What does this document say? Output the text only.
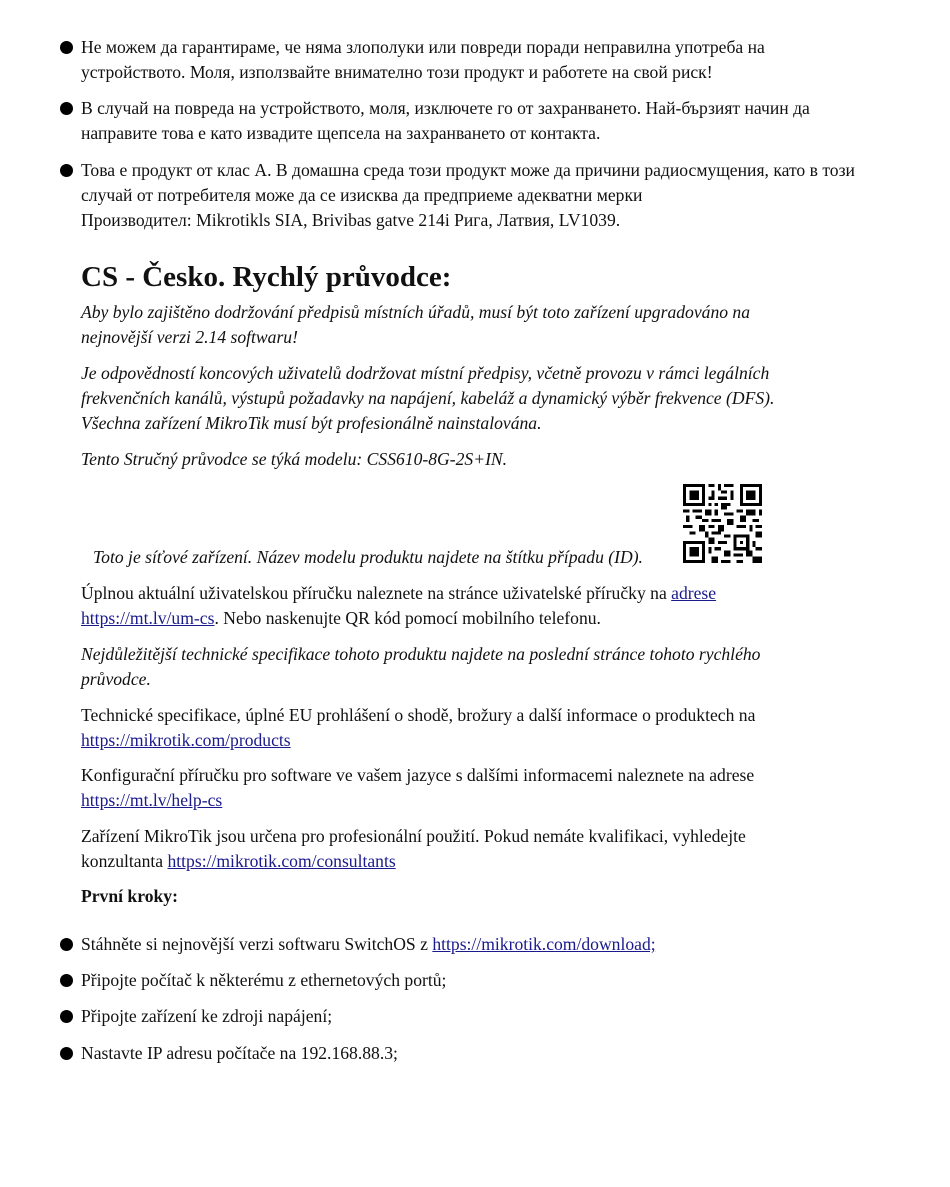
Не можем да гарантираме, че няма злополуки или повреди поради неправилна употреба на устройството. Моля, използвайте внимателно този продукт и работете на свой риск!
В случай на повреда на устройството, моля, изключете го от захранването. Най-бързият начин да направите това е като извадите щепсела на захранването от контакта.
Това е продукт от клас А. В домашна среда този продукт може да причини радиосмущения, като в този случай от потребителя може да се изисква да предприеме адекватни мерки
Производител: Mikrotikls SIA, Brivibas gatve 214i Рига, Латвия, LV1039.
CS - Česko. Rychlý průvodce:
Aby bylo zajištěno dodržování předpisů místních úřadů, musí být toto zařízení upgradováno na nejnovější verzi 2.14 softwaru!
Je odpovědností koncových uživatelů dodržovat místní předpisy, včetně provozu v rámci legálních frekvenčních kanálů, výstupů požadavky na napájení, kabeláž a dynamický výběr frekvence (DFS). Všechna zařízení MikroTik musí být profesionálně nainstalována.
Tento Stručný průvodce se týká modelu: CSS610-8G-2S+IN.
Toto je síťové zařízení. Název modelu produktu najdete na štítku případu (ID).
Úplnou aktuální uživatelskou příručku naleznete na stránce uživatelské příručky na adrese https://mt.lv/um-cs. Nebo naskenujte QR kód pomocí mobilního telefonu.
Nejdůležitější technické specifikace tohoto produktu najdete na poslední stránce tohoto rychlého průvodce.
Technické specifikace, úplné EU prohlášení o shodě, brožury a další informace o produktech na https://mikrotik.com/products
Konfigurační příručku pro software ve vašem jazyce s dalšími informacemi naleznete na adrese https://mt.lv/help-cs
Zařízení MikroTik jsou určena pro profesionální použití. Pokud nemáte kvalifikaci, vyhledejte konzultanta https://mikrotik.com/consultants
První kroky:
Stáhněte si nejnovější verzi softwaru SwitchOS z https://mikrotik.com/download;
Připojte počítač k některému z ethernetových portů;
Připojte zařízení ke zdroji napájení;
Nastavte IP adresu počítače na 192.168.88.3;
